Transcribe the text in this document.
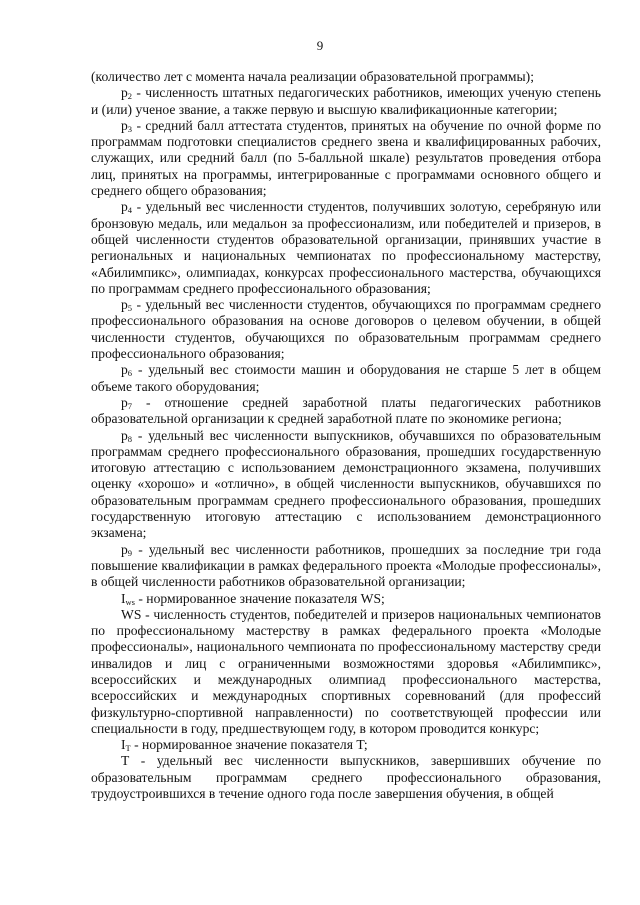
9

(количество лет с момента начала реализации образовательной программы);

$p_2$ - численность штатных педагогических работников, имеющих ученую степень и (или) ученое звание, а также первую и высшую квалификационные категории;

$p_3$ - средний балл аттестата студентов, принятых на обучение по очной форме по программам подготовки специалистов среднего звена и квалифицированных рабочих, служащих, или средний балл (по 5-балльной шкале) результатов проведения отбора лиц, принятых на программы, интегрированные с программами основного общего и среднего общего образования;

$p_4$ - удельный вес численности студентов, получивших золотую, серебряную или бронзовую медаль, или медальон за профессионализм, или победителей и призеров, в общей численности студентов образовательной организации, принявших участие в региональных и национальных чемпионатах по профессиональному мастерству, «Абилимпикс», олимпиадах, конкурсах профессионального мастерства, обучающихся по программам среднего профессионального образования;

$p_5$ - удельный вес численности студентов, обучающихся по программам среднего профессионального образования на основе договоров о целевом обучении, в общей численности студентов, обучающихся по образовательным программам среднего профессионального образования;

$p_6$ - удельный вес стоимости машин и оборудования не старше 5 лет в общем объеме такого оборудования;

$p_7$ - отношение средней заработной платы педагогических работников образовательной организации к средней заработной плате по экономике региона;

$p_8$ - удельный вес численности выпускников, обучавшихся по образовательным программам среднего профессионального образования, прошедших государственную итоговую аттестацию с использованием демонстрационного экзамена, получивших оценку «хорошо» и «отлично», в общей численности выпускников, обучавшихся по образовательным программам среднего профессионального образования, прошедших государственную итоговую аттестацию с использованием демонстрационного экзамена;

$p_9$ - удельный вес численности работников, прошедших за последние три года повышение квалификации в рамках федерального проекта «Молодые профессионалы», в общей численности работников образовательной организации;

$I_{ws}$ - нормированное значение показателя WS;

WS - численность студентов, победителей и призеров национальных чемпионатов по профессиональному мастерству в рамках федерального проекта «Молодые профессионалы», национального чемпионата по профессиональному мастерству среди инвалидов и лиц с ограниченными возможностями здоровья «Абилимпикс», всероссийских и международных олимпиад профессионального мастерства, всероссийских и международных спортивных соревнований (для профессий физкультурно-спортивной направленности) по соответствующей профессии или специальности в году, предшествующем году, в котором проводится конкурс;

$I_T$ - нормированное значение показателя T;

T - удельный вес численности выпускников, завершивших обучение по образовательным программам среднего профессионального образования, трудоустроившихся в течение одного года после завершения обучения, в общей
